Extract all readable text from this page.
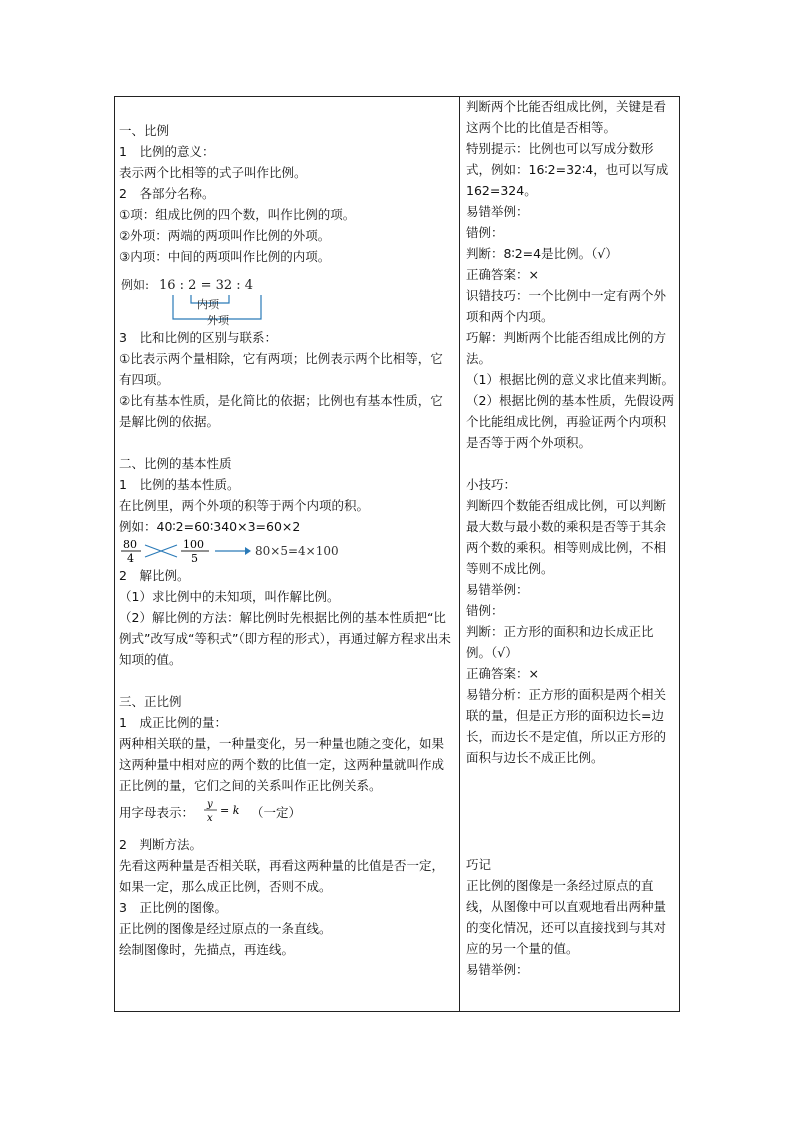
一、比例

1　比例的意义：

表示两个比相等的式子叫作比例。

2　各部分名称。

①项：组成比例的四个数，叫作比例的项。

②外项：两端的两项叫作比例的外项。

③内项：中间的两项叫作比例的内项。

例如: 16 : 2 = 32 : 4
内项
外项

3　比和比例的区别与联系：

①比表示两个量相除，它有两项；比例表示两个比相等，它有四项。

②比有基本性质，是化简比的依据；比例也有基本性质，它是解比例的依据。

二、比例的基本性质

1　比例的基本性质。

在比例里，两个外项的积等于两个内项的积。

例如：40∶2=60∶340×3=60×2

80
4
100
5
80×5=4×100

2　解比例。

（1）求比例中的未知项，叫作解比例。

（2）解比例的方法：解比例时先根据比例的基本性质把“比例式”改写成“等积式”（即方程的形式），再通过解方程求出未知项的值。

三、正比例

1　成正比例的量：

两种相关联的量，一种量变化，另一种量也随之变化，如果这两种量中相对应的两个数的比值一定，这两种量就叫作成正比例的量，它们之间的关系叫作正比例关系。

用字母表示：
y
x
= k （一定）

2　判断方法。

先看这两种量是否相关联，再看这两种量的比值是否一定，如果一定，那么成正比例，否则不成。

3　正比例的图像。

正比例的图像是经过原点的一条直线。

绘制图像时，先描点，再连线。

判断两个比能否组成比例，关键是看这两个比的比值是否相等。

特别提示：比例也可以写成分数形式，例如：16∶2=32∶4，也可以写成162=324。

易错举例：

错例：

判断：8∶2=4是比例。（√）

正确答案：×

识错技巧：一个比例中一定有两个外项和两个内项。

巧解：判断两个比能否组成比例的方法。

（1）根据比例的意义求比值来判断。

（2）根据比例的基本性质，先假设两个比能组成比例，再验证两个内项积是否等于两个外项积。

小技巧：

判断四个数能否组成比例，可以判断最大数与最小数的乘积是否等于其余两个数的乘积。相等则成比例，不相等则不成比例。

易错举例：

错例：

判断：正方形的面积和边长成正比例。（√）

正确答案：×

易错分析：正方形的面积是两个相关联的量，但是正方形的面积边长=边长，而边长不是定值，所以正方形的面积与边长不成正比例。

巧记

正比例的图像是一条经过原点的直线，从图像中可以直观地看出两种量的变化情况，还可以直接找到与其对应的另一个量的值。

易错举例：
